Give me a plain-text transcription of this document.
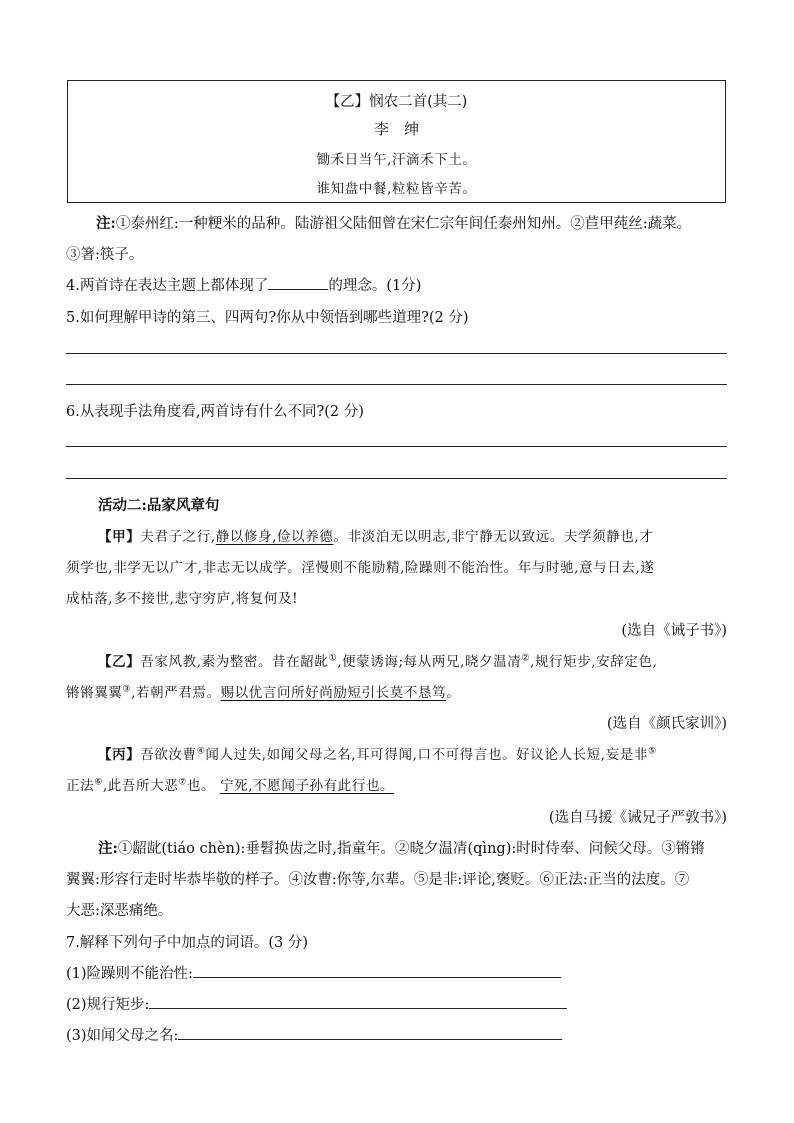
【乙】悯农二首(其二)
李　绅
锄禾日当午,汗滴禾下土。
谁知盘中餐,粒粒皆辛苦。
注:①泰州红:一种粳米的品种。陆游祖父陆佃曾在宋仁宗年间任泰州知州。②苣甲莼丝:蔬菜。
③箸:筷子。
4.两首诗在表达主题上都体现了	的理念。(1分)
5.如何理解甲诗的第三、四两句?你从中领悟到哪些道理?(2 分)
6.从表现手法角度看,两首诗有什么不同?(2 分)
活动二:品家风章句
【甲】夫君子之行,静以修身,俭以养德。非淡泊无以明志,非宁静无以致远。夫学须静也,才
须学也,非学无以广才,非志无以成学。淫慢则不能励精,险躁则不能治性。年与时驰,意与日去,遂
成枯落,多不接世,悲守穷庐,将复何及!
(选自《诫子书》)
【乙】吾家风教,素为整密。昔在龆龀①,便蒙诱诲;每从两兄,晓夕温凊②,规行矩步,安辞定色,
锵锵翼翼③,若朝严君焉。赐以优言问所好尚励短引长莫不恳笃。
(选自《颜氏家训》)
【丙】吾欲汝曹④闻人过失,如闻父母之名,耳可得闻,口不可得言也。好议论人长短,妄是非⑤
正法⑥,此吾所大恶⑦也。 宁死,不愿闻子孙有此行也。
(选自马援《诫兄子严敦书》)
注:①龆龀(tiáo chèn):垂髫换齿之时,指童年。②晓夕温凊(qìng):时时侍奉、问候父母。③锵锵
翼翼:形容行走时毕恭毕敬的样子。④汝曹:你等,尔辈。⑤是非:评论,褒贬。⑥正法:正当的法度。⑦
大恶:深恶痛绝。
7.解释下列句子中加点的词语。(3 分)
(1)险躁则不能治性:
(2)规行矩步:
(3)如闻父母之名:
